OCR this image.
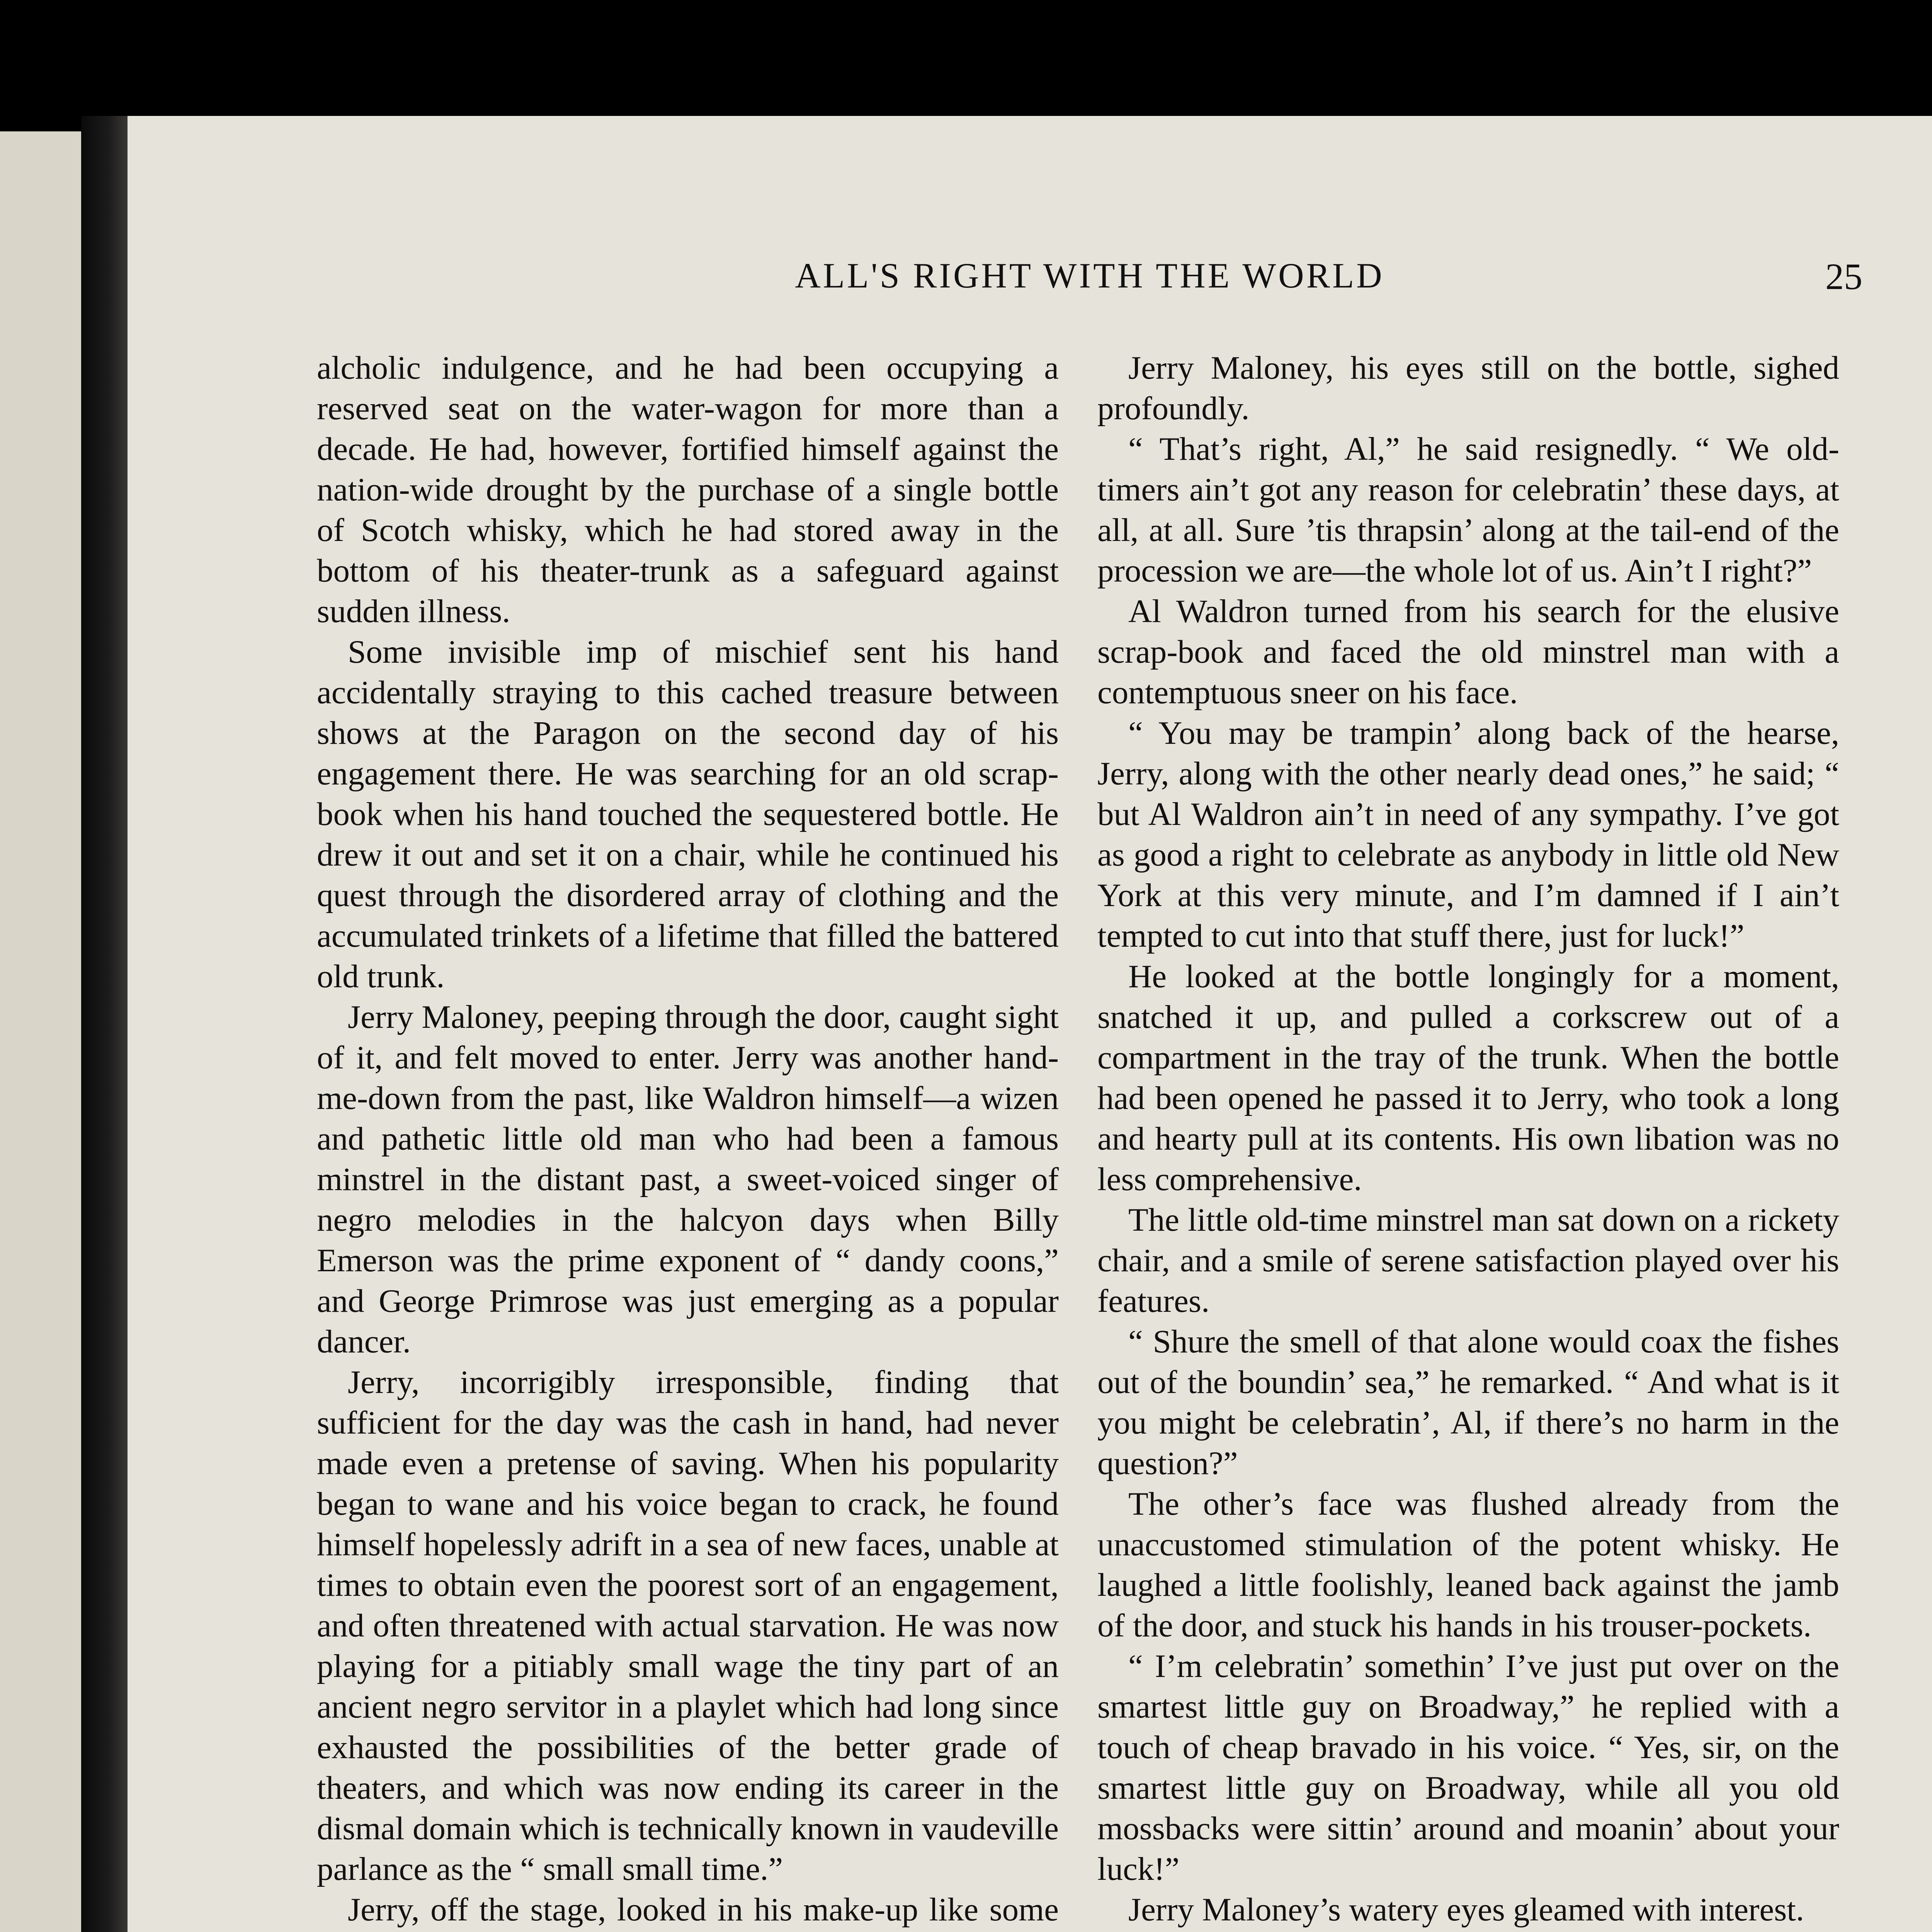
ALL'S RIGHT WITH THE WORLD	25

alcholic indulgence, and he had been occupying a reserved seat on the water-wagon for more than a decade. He had, however, fortified himself against the nation-wide drought by the purchase of a single bottle of Scotch whisky, which he had stored away in the bottom of his theater-trunk as a safeguard against sudden illness.

Some invisible imp of mischief sent his hand accidentally straying to this cached treasure between shows at the Paragon on the second day of his engagement there. He was searching for an old scrap-book when his hand touched the sequestered bottle. He drew it out and set it on a chair, while he continued his quest through the disordered array of clothing and the accumulated trinkets of a lifetime that filled the battered old trunk.

Jerry Maloney, peeping through the door, caught sight of it, and felt moved to enter. Jerry was another hand-me-down from the past, like Waldron himself—a wizen and pathetic little old man who had been a famous minstrel in the distant past, a sweet-voiced singer of negro melodies in the halcyon days when Billy Emerson was the prime exponent of “ dandy coons,” and George Primrose was just emerging as a popular dancer.

Jerry, incorrigibly irresponsible, finding that sufficient for the day was the cash in hand, had never made even a pretense of saving. When his popularity began to wane and his voice began to crack, he found himself hopelessly adrift in a sea of new faces, unable at times to obtain even the poorest sort of an engagement, and often threatened with actual starvation. He was now playing for a pitiably small wage the tiny part of an ancient negro servitor in a playlet which had long since exhausted the possibilities of the better grade of theaters, and which was now ending its career in the dismal domain which is technically known in vaudeville parlance as the “ small small time.”

Jerry, off the stage, looked in his make-up like some

Jerry Maloney, his eyes still on the bottle, sighed profoundly.

“ That’s right, Al,” he said resignedly. “ We old-timers ain’t got any reason for celebratin’ these days, at all, at all. Sure ’tis thrapsin’ along at the tail-end of the procession we are—the whole lot of us. Ain’t I right?”

Al Waldron turned from his search for the elusive scrap-book and faced the old minstrel man with a contemptuous sneer on his face.

“ You may be trampin’ along back of the hearse, Jerry, along with the other nearly dead ones,” he said; “ but Al Waldron ain’t in need of any sympathy. I’ve got as good a right to celebrate as anybody in little old New York at this very minute, and I’m damned if I ain’t tempted to cut into that stuff there, just for luck!”

He looked at the bottle longingly for a moment, snatched it up, and pulled a corkscrew out of a compartment in the tray of the trunk. When the bottle had been opened he passed it to Jerry, who took a long and hearty pull at its contents. His own libation was no less comprehensive.

The little old-time minstrel man sat down on a rickety chair, and a smile of serene satisfaction played over his features.

“ Shure the smell of that alone would coax the fishes out of the boundin’ sea,” he remarked. “ And what is it you might be celebratin’, Al, if there’s no harm in the question?”

The other’s face was flushed already from the unaccustomed stimulation of the potent whisky. He laughed a little foolishly, leaned back against the jamb of the door, and stuck his hands in his trouser-pockets.

“ I’m celebratin’ somethin’ I’ve just put over on the smartest little guy on Broadway,” he replied with a touch of cheap bravado in his voice. “ Yes, sir, on the smartest little guy on Broadway, while all you old mossbacks were sittin’ around and moanin’ about your luck!”

Jerry Maloney’s watery eyes gleamed with interest.
